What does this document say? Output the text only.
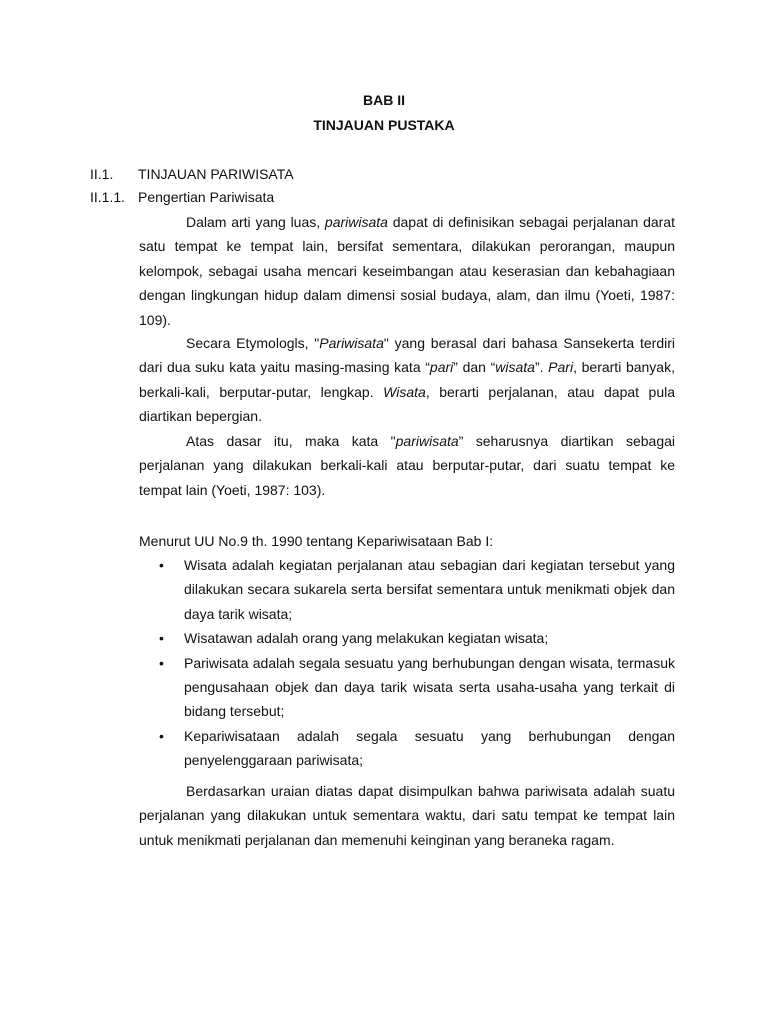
BAB II
TINJAUAN PUSTAKA
II.1. TINJAUAN PARIWISATA
II.1.1. Pengertian Pariwisata

Dalam arti yang luas, pariwisata dapat di definisikan sebagai perjalanan darat satu tempat ke tempat lain, bersifat sementara, dilakukan perorangan, maupun kelompok, sebagai usaha mencari keseimbangan atau keserasian dan kebahagiaan dengan lingkungan hidup dalam dimensi sosial budaya, alam, dan ilmu (Yoeti, 1987: 109).

Secara Etymologls, "Pariwisata" yang berasal dari bahasa Sansekerta terdiri dari dua suku kata yaitu masing-masing kata “pari” dan “wisata”. Pari, berarti banyak, berkali-kali, berputar-putar, lengkap. Wisata, berarti perjalanan, atau dapat pula diartikan bepergian.

Atas dasar itu, maka kata "pariwisata” seharusnya diartikan sebagai perjalanan yang dilakukan berkali-kali atau berputar-putar, dari suatu tempat ke tempat lain (Yoeti, 1987: 103).

Menurut UU No.9 th. 1990 tentang Kepariwisataan Bab I:

• Wisata adalah kegiatan perjalanan atau sebagian dari kegiatan tersebut yang dilakukan secara sukarela serta bersifat sementara untuk menikmati objek dan daya tarik wisata;
• Wisatawan adalah orang yang melakukan kegiatan wisata;
• Pariwisata adalah segala sesuatu yang berhubungan dengan wisata, termasuk pengusahaan objek dan daya tarik wisata serta usaha-usaha yang terkait di bidang tersebut;
• Kepariwisataan adalah segala sesuatu yang berhubungan dengan penyelenggaraan pariwisata;

Berdasarkan uraian diatas dapat disimpulkan bahwa pariwisata adalah suatu perjalanan yang dilakukan untuk sementara waktu, dari satu tempat ke tempat lain untuk menikmati perjalanan dan memenuhi keinginan yang beraneka ragam.
